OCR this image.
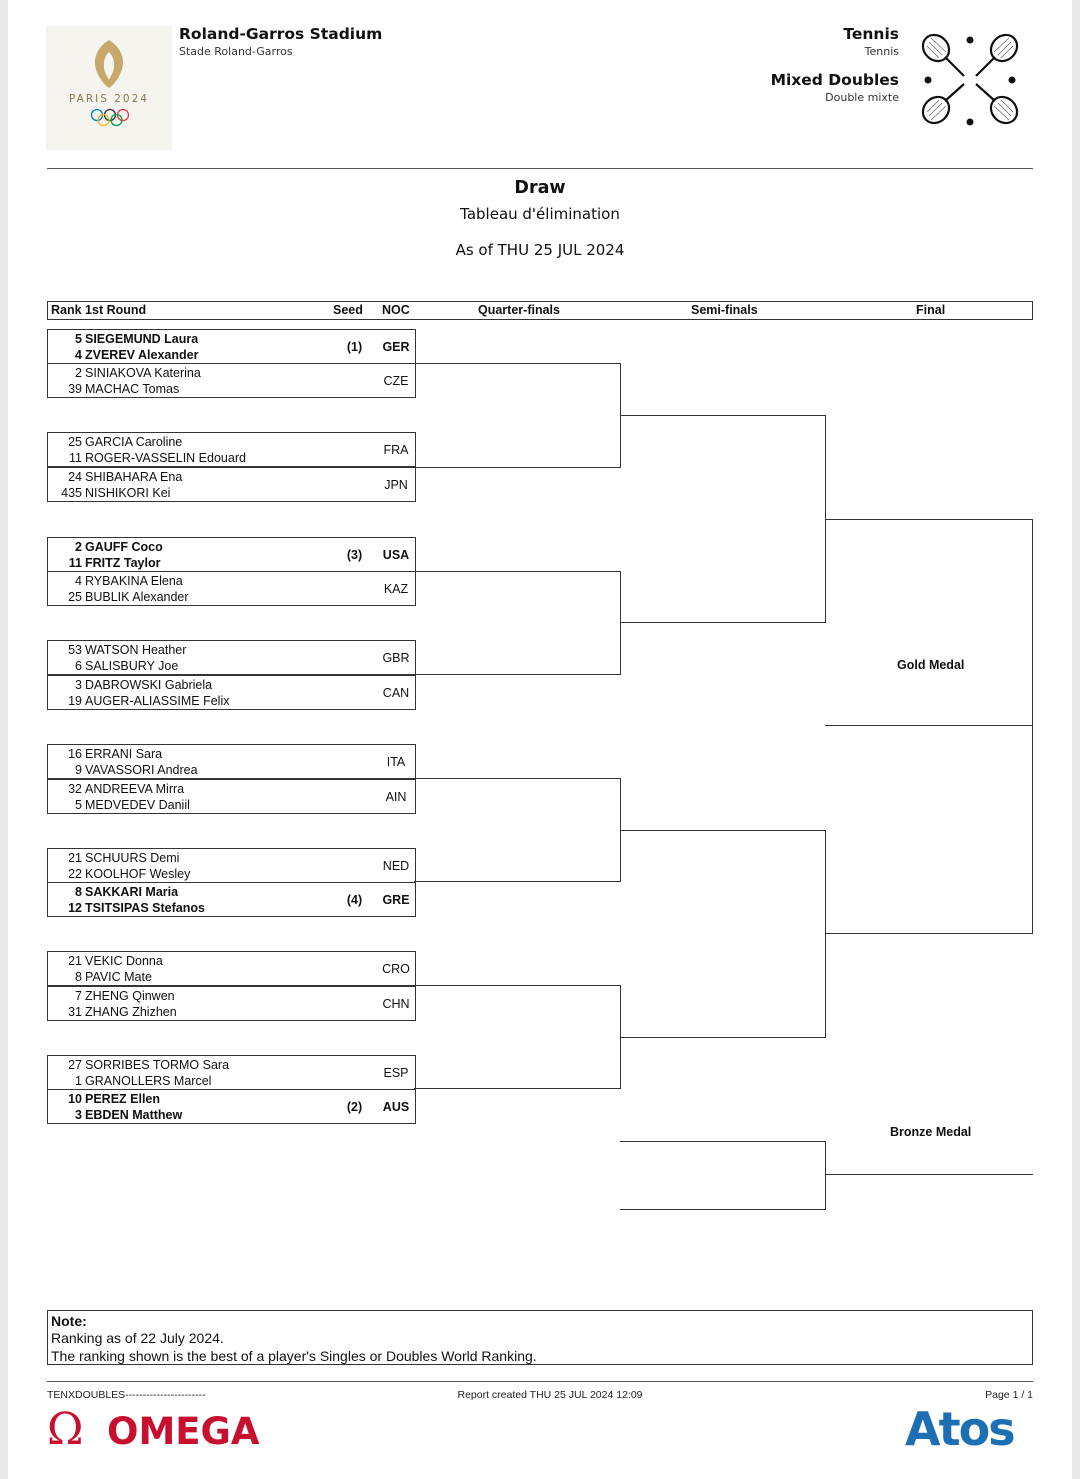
PARIS 2024
Roland-Garros Stadium
Stade Roland-Garros
Tennis
Tennis
Mixed Doubles
Double mixte
Draw
Tableau d'élimination
As of THU 25 JUL 2024
Rank 1st Round	Seed NOC	Quarter-finals	Semi-finals	Final
5 SIEGEMUND Laura
4 ZVEREV Alexander
(1)	GER
2 SINIAKOVA Katerina
39 MACHAC Tomas
CZE
25 GARCIA Caroline
11 ROGER-VASSELIN Edouard
FRA
24 SHIBAHARA Ena
435 NISHIKORI Kei
JPN
2 GAUFF Coco
11 FRITZ Taylor
(3)	USA
4 RYBAKINA Elena
25 BUBLIK Alexander
KAZ
53 WATSON Heather
6 SALISBURY Joe
GBR
3 DABROWSKI Gabriela
19 AUGER-ALIASSIME Felix
CAN
16 ERRANI Sara
9 VAVASSORI Andrea
ITA
32 ANDREEVA Mirra
5 MEDVEDEV Daniil
AIN
21 SCHUURS Demi
22 KOOLHOF Wesley
NED
8 SAKKARI Maria
12 TSITSIPAS Stefanos
(4)	GRE
21 VEKIC Donna
8 PAVIC Mate
CRO
7 ZHENG Qinwen
31 ZHANG Zhizhen
CHN
27 SORRIBES TORMO Sara
1 GRANOLLERS Marcel
ESP
10 PEREZ Ellen
3 EBDEN Matthew
(2)	AUS
Gold Medal
Bronze Medal
Note:
Ranking as of 22 July 2024.
The ranking shown is the best of a player's Singles or Doubles World Ranking.
TENXDOUBLES-----------------------	Report created THU 25 JUL 2024 12:09	Page 1 / 1
Ω OMEGA	Atos
